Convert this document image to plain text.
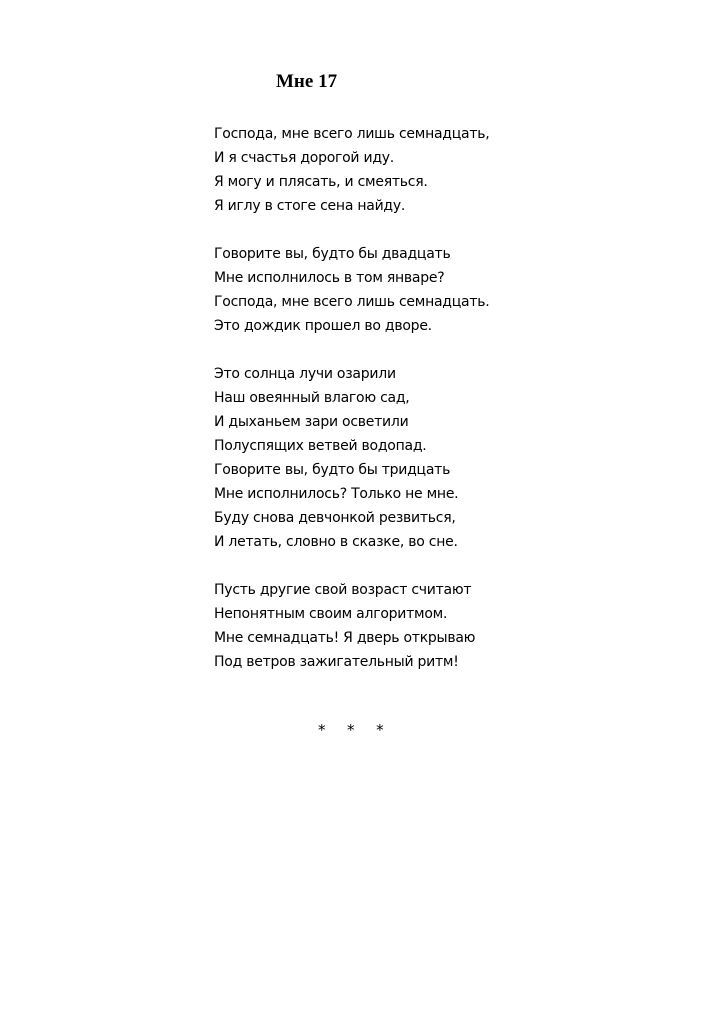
Мне 17
Господа, мне всего лишь семнадцать,
И я счастья дорогой иду.
Я могу и плясать, и смеяться.
Я иглу в стоге сена найду.
Говорите вы, будто бы двадцать
Мне исполнилось в том январе?
Господа, мне всего лишь семнадцать.
Это дождик прошел во дворе.
Это солнца лучи озарили
Наш овеянный влагою сад,
И дыханьем зари осветили
Полуспящих ветвей водопад.
Говорите вы, будто бы тридцать
Мне исполнилось? Только не мне.
Буду снова девчонкой резвиться,
И летать, словно в сказке, во сне.
Пусть другие свой возраст считают
Непонятным своим алгоритмом.
Мне семнадцать! Я дверь открываю
Под ветров зажигательный ритм!
*  *  *
